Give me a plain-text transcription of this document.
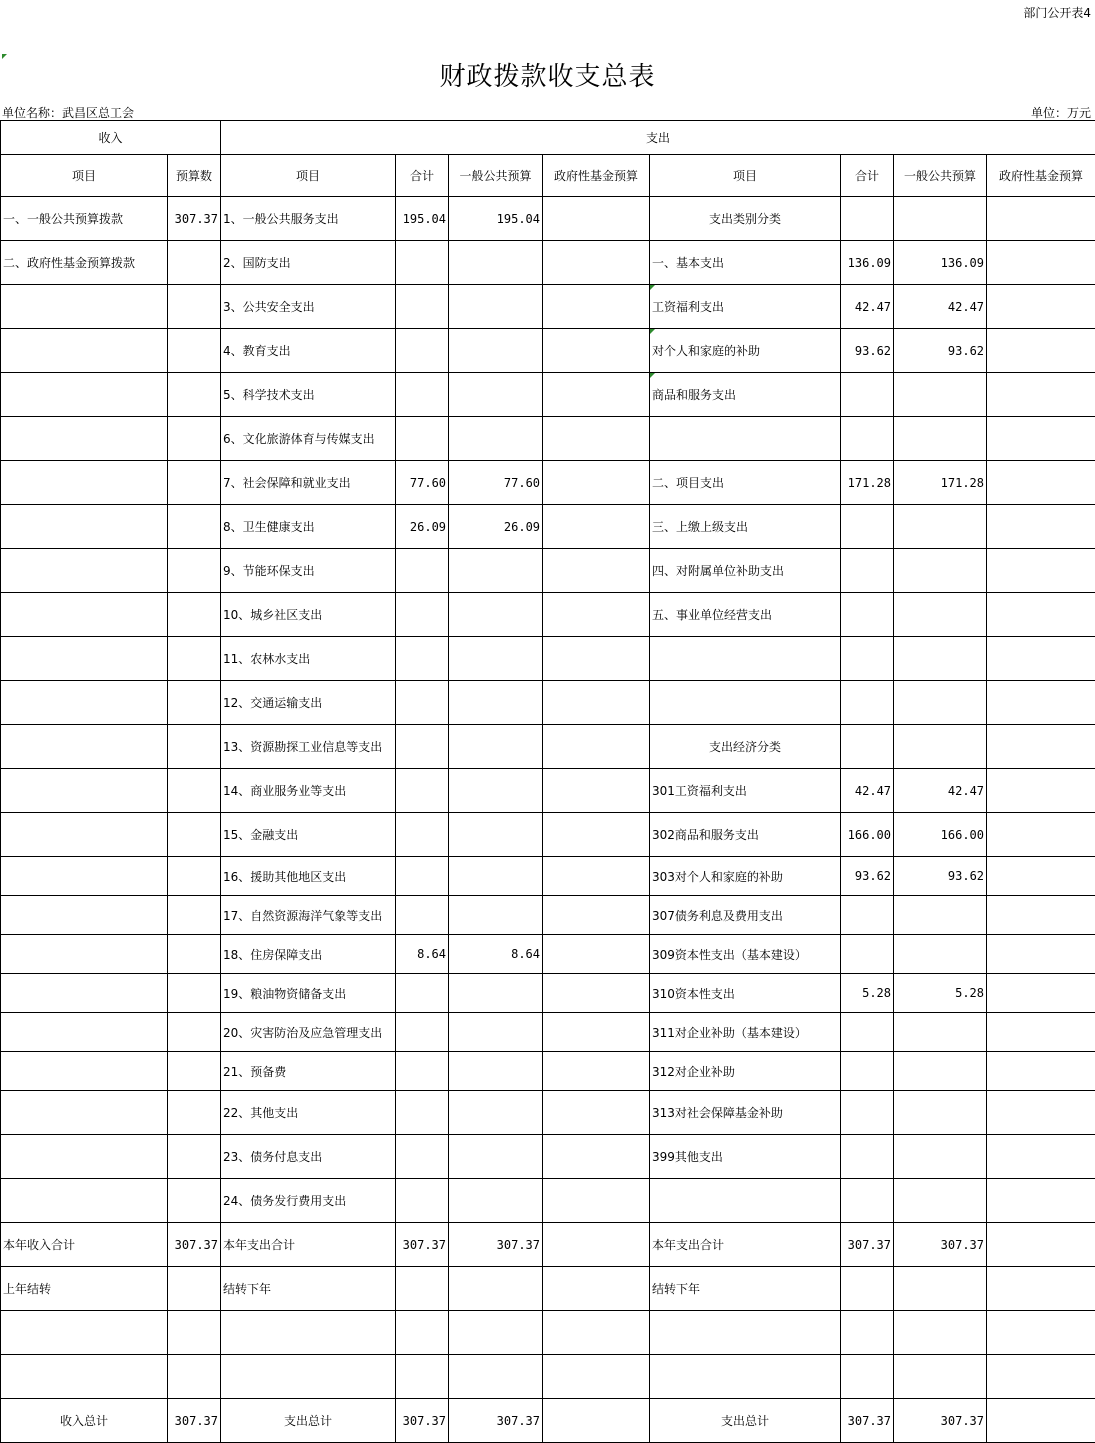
部门公开表4
财政拨款收支总表
单位名称：武昌区总工会	单位：万元
收入		支出							
项目	预算数	项目	合计	一般公共预算	政府性基金预算	项目	合计	一般公共预算	政府性基金预算
一、一般公共预算拨款	307.37	1、一般公共服务支出	195.04	195.04		支出类别分类			
二、政府性基金预算拨款		2、国防支出				一、基本支出	136.09	136.09	
		3、公共安全支出				工资福利支出	42.47	42.47	
		4、教育支出				对个人和家庭的补助	93.62	93.62	
		5、科学技术支出				商品和服务支出			
		6、文化旅游体育与传媒支出							
		7、社会保障和就业支出	77.60	77.60		二、项目支出	171.28	171.28	
		8、卫生健康支出	26.09	26.09		三、上缴上级支出			
		9、节能环保支出				四、对附属单位补助支出			
		10、城乡社区支出				五、事业单位经营支出			
		11、农林水支出							
		12、交通运输支出							
		13、资源勘探工业信息等支出				支出经济分类			
		14、商业服务业等支出				301工资福利支出	42.47	42.47	
		15、金融支出				302商品和服务支出	166.00	166.00	
		16、援助其他地区支出				303对个人和家庭的补助	93.62	93.62	
		17、自然资源海洋气象等支出				307债务利息及费用支出			
		18、住房保障支出	8.64	8.64		309资本性支出（基本建设）			
		19、粮油物资储备支出				310资本性支出	5.28	5.28	
		20、灾害防治及应急管理支出				311对企业补助（基本建设）			
		21、预备费				312对企业补助			
		22、其他支出				313对社会保障基金补助			
		23、债务付息支出				399其他支出			
		24、债务发行费用支出							
本年收入合计	307.37	本年支出合计	307.37	307.37		本年支出合计	307.37	307.37	
上年结转		结转下年				结转下年			

收入总计	307.37	支出总计	307.37	307.37		支出总计	307.37	307.37	
